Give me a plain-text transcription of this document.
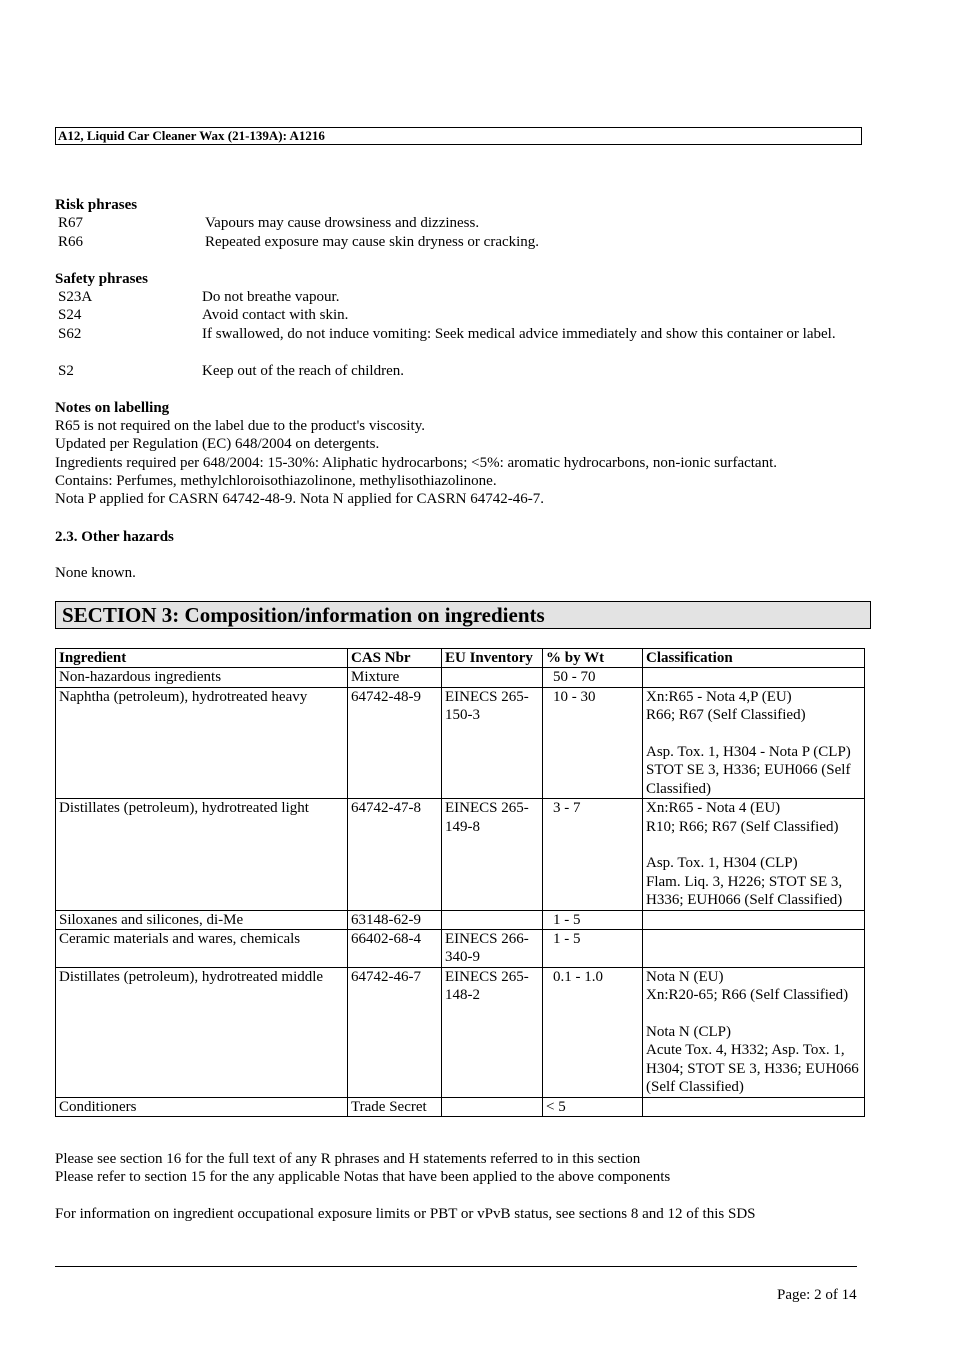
A12, Liquid Car Cleaner Wax (21-139A): A1216
Risk phrases
R67	Vapours may cause drowsiness and dizziness.
R66	Repeated exposure may cause skin dryness or cracking.
Safety phrases
S23A	Do not breathe vapour.
S24	Avoid contact with skin.
S62	If swallowed, do not induce vomiting: Seek medical advice immediately and show this container or label.
S2	Keep out of the reach of children.
Notes on labelling
R65 is not required on the label due to the product's viscosity.
Updated per Regulation (EC) 648/2004 on detergents.
Ingredients required per 648/2004: 15-30%: Aliphatic hydrocarbons; <5%: aromatic hydrocarbons, non-ionic surfactant.
Contains: Perfumes, methylchloroisothiazolinone, methylisothiazolinone.
Nota P applied for CASRN 64742-48-9. Nota N applied for CASRN 64742-46-7.
2.3. Other hazards
None known.
SECTION 3: Composition/information on ingredients
Ingredient	CAS Nbr	EU Inventory	% by Wt	Classification
Non-hazardous ingredients	Mixture		50 - 70	
Naphtha (petroleum), hydrotreated heavy	64742-48-9	EINECS 265-150-3	10 - 30	Xn:R65 - Nota 4,P (EU)
R66; R67 (Self Classified)
Asp. Tox. 1, H304 - Nota P (CLP)
STOT SE 3, H336; EUH066 (Self Classified)

Distillates (petroleum), hydrotreated light	64742-47-8	EINECS 265-149-8	3 - 7	Xn:R65 - Nota 4 (EU)
R10; R66; R67 (Self Classified)
Asp. Tox. 1, H304 (CLP)
Flam. Liq. 3, H226; STOT SE 3, H336; EUH066 (Self Classified)

Siloxanes and silicones, di-Me	63148-62-9		1 - 5	
Ceramic materials and wares, chemicals	66402-68-4	EINECS 266-340-9	1 - 5	
Distillates (petroleum), hydrotreated middle	64742-46-7	EINECS 265-148-2	0.1 - 1.0	Nota N (EU)
Xn:R20-65; R66 (Self Classified)
Nota N (CLP)
Acute Tox. 4, H332; Asp. Tox. 1, H304; STOT SE 3, H336; EUH066 (Self Classified)

Conditioners	Trade Secret		< 5	
Please see section 16 for the full text of any R phrases and H statements referred to in this section
Please refer to section 15 for the any applicable Notas that have been applied to the above components
For information on ingredient occupational exposure limits or PBT or vPvB status, see sections 8 and 12 of this SDS
Page: 2 of 14
